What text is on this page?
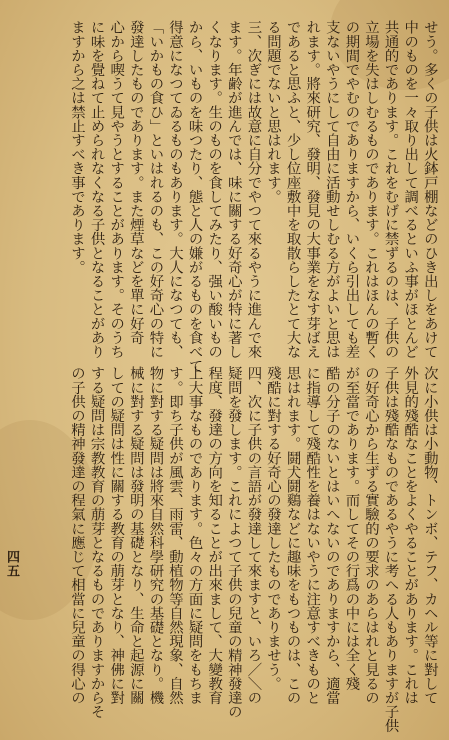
せう。多くの子供は火鉢戸棚などのひき出しをあけて

中のものを一々取り出して調べるといふ事がほとんど

共通的であります。これをむげに禁ずるのは、子供の

立場を失はしむるものであります。これはほんの暫く

の期間でやむのでありますから、いくら引出しても差

支ないやうにして自由に活動せしむる方がよいと思は

れます。將來研究、發明、發見の大事業をなす芽ばえ

であると思ふと、少し位座敷中を取散らしたとて大な

る問題でないと思はれます。

三、次ぎには故意に自分でやつて來るやうに進んで來

ます。年齢が進んでは、味に關する好奇心が特に著し

くなります。生のものを食してみたり、强い酸いもの

から、いものを味つたり、態と人の嫌がるものを食べて

得意になつてゐるものもあります。大人になつても、

「いかもの食ひ」といはれるのも、この好奇心の特に

發達したものであります。また煙草などを單に好奇

心から喫うて見やうとすることがあります。そのうち

に味を覺ねて止められなくなる子供となることがあり

ますから之は禁止すべき事であります。

次に小供は小動物、トンボ、テフ、カヘル等に對して

外見的殘酷なことをよくやることがあります。これは

子供は殘酷なものであるやうに考へる人もありますが子供

の好奇心から生ずる實驗的の要求のあらはれと見るの

が至當であります。而してその行爲の中には全く殘

酷の分子のないとはいへないのでありますから、適當

に指導して殘酷性を養はないやうに注意すべきものと

思はれます。鬪犬鬪鷄などに趣味をもつものは、この

殘酷に對する好奇心の發達したものでありませう。

四、次に子供の言語が發達して來ますと、いろ／＼の

疑問を發します。これによつて子供の兒童の精神發達の

程度、發達の方向を知ることが出來まして、大變教育

上大事なものであります。色々の方面に疑問をもちま

す。即ち子供が風雲、雨雷、動植物等自然現象、自然

物に對する疑問は將來自然科學研究の基礎となり。機

械に對する疑問は發明の基礎となり、生命と起源に關

しての疑問は性に關する教育の萠芽となり、神佛に對

する疑問は宗教教育の萠芽となるものでありますからそ

の子供の精神發達の程氣に應じて相當に兒童の得心の

四五
